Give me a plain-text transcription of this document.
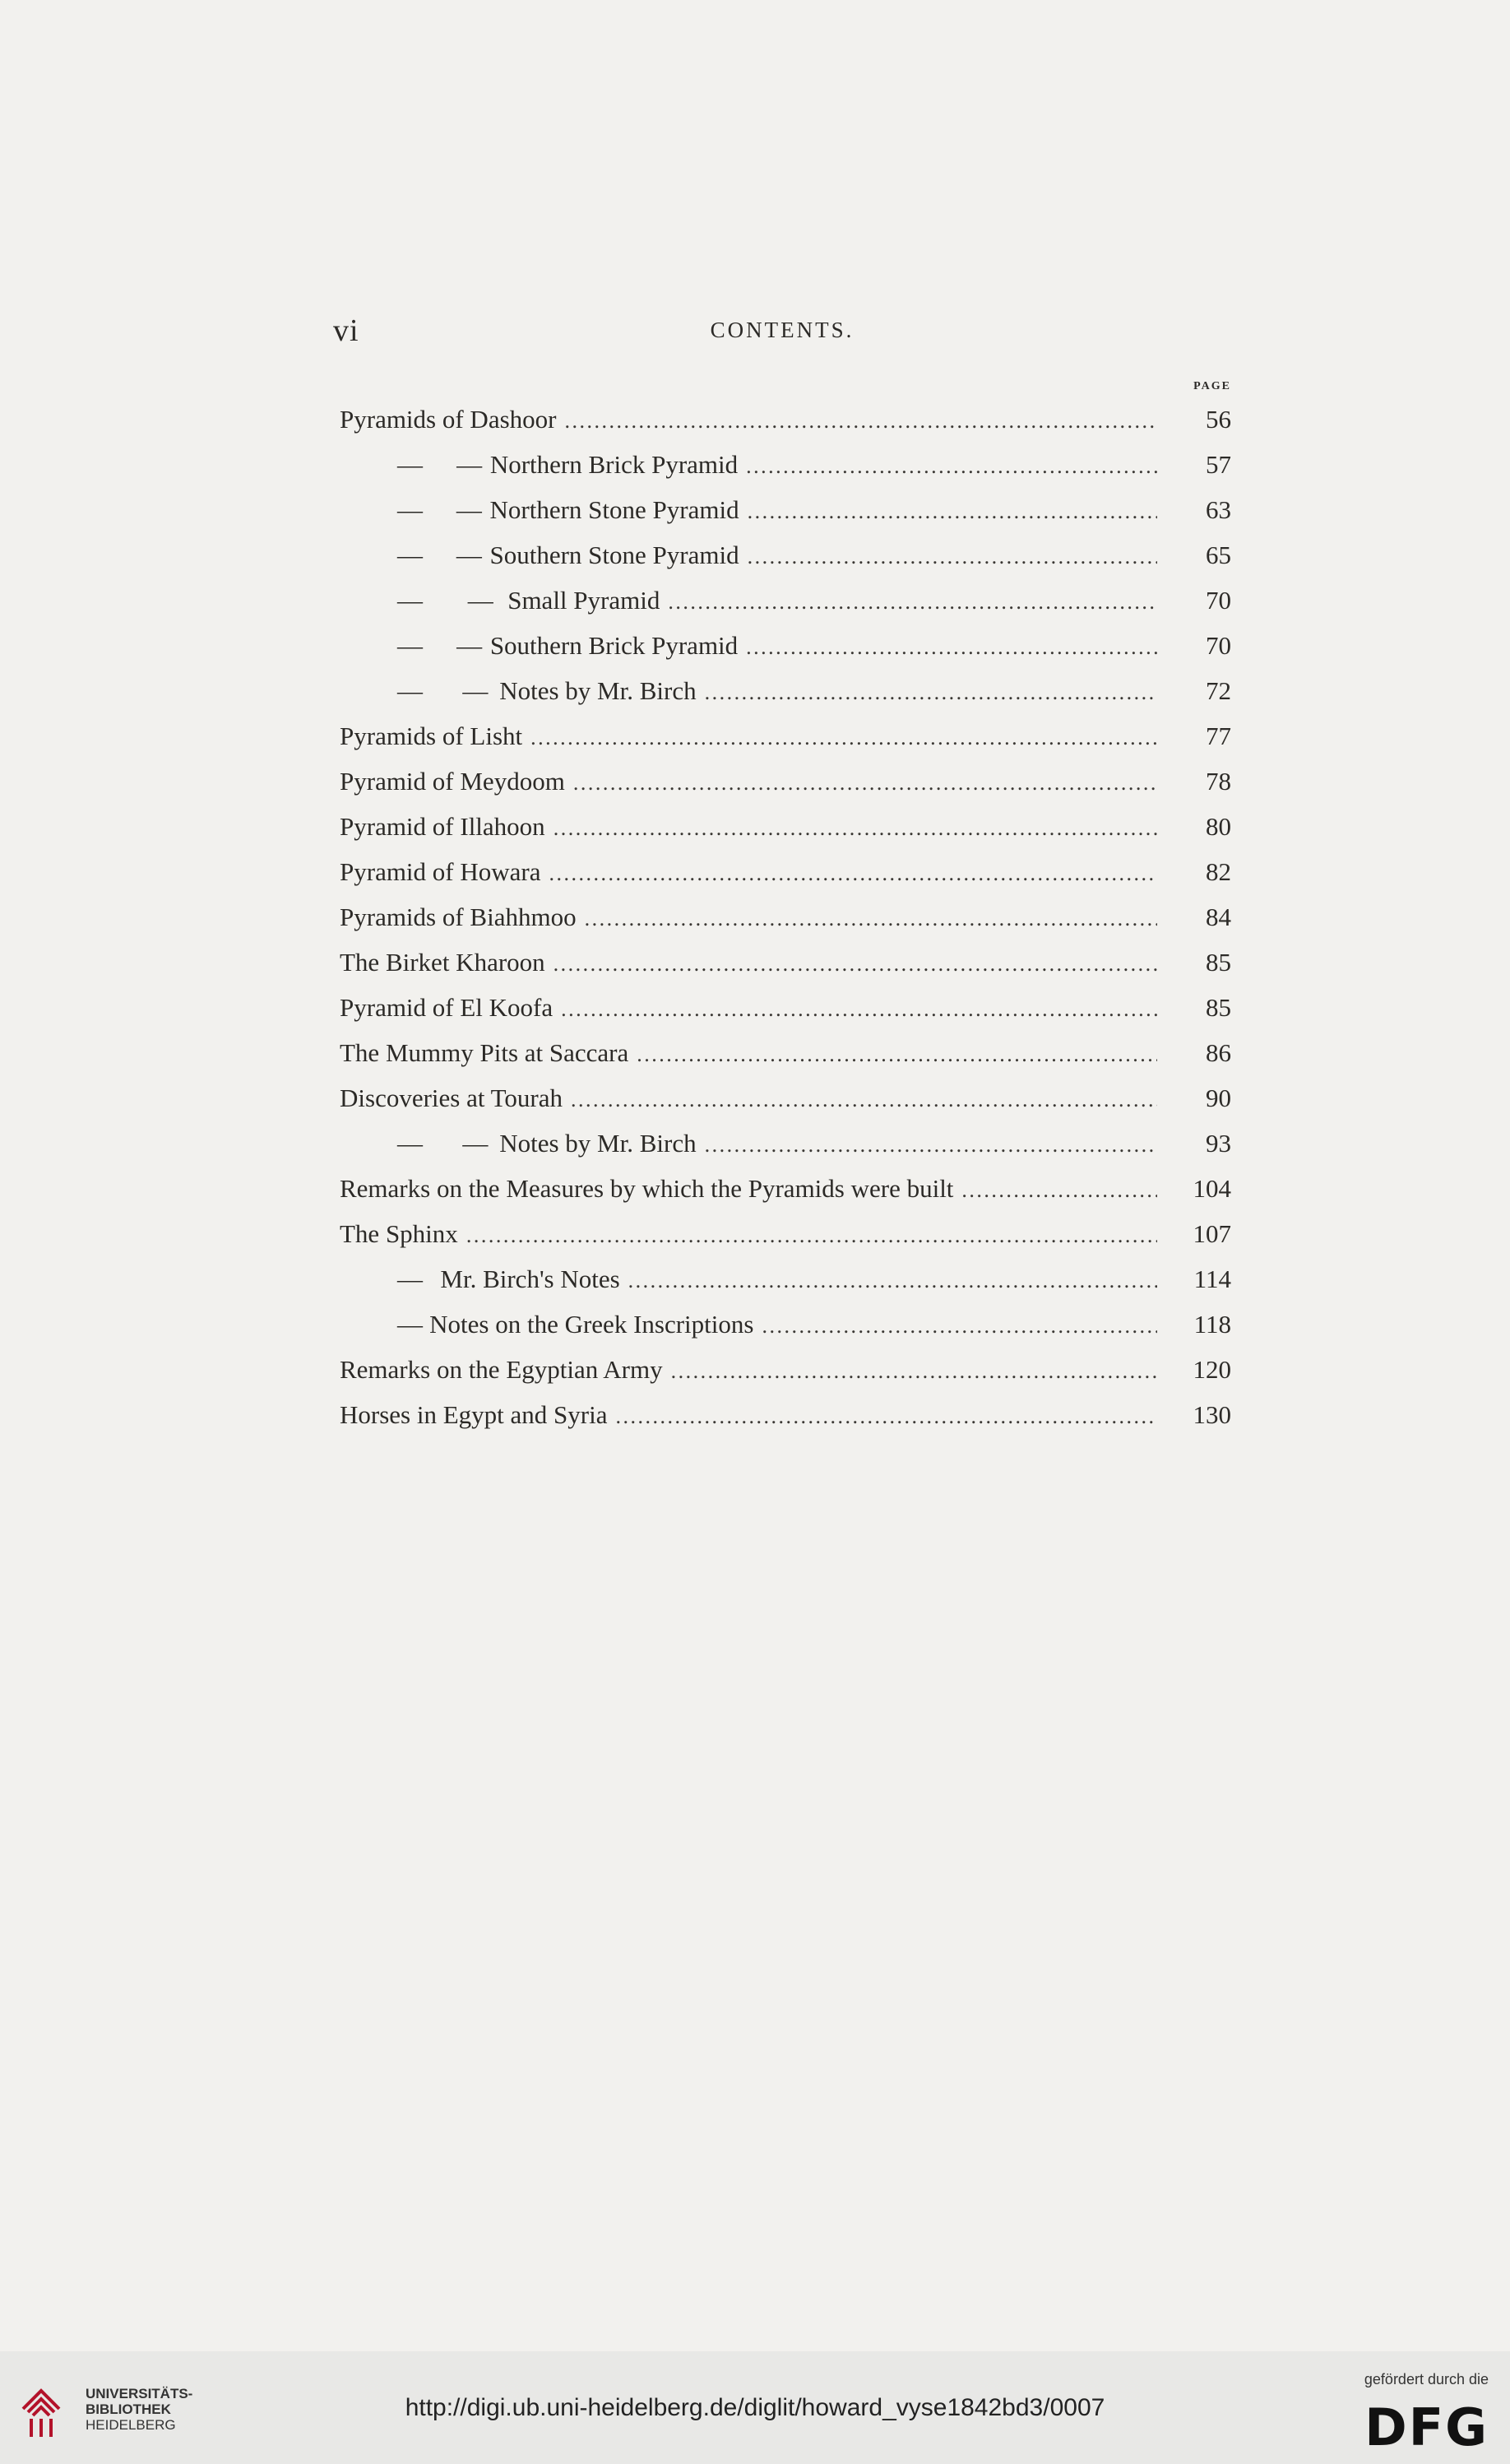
vi	CONTENTS.
PAGE
Pyramids of Dashoor . . .	56
—	— Northern Brick Pyramid . . .	57
—	— Northern Stone Pyramid . . .	63
—	— Southern Stone Pyramid . . .	65
—	— Small Pyramid . . .	70
—	— Southern Brick Pyramid . . .	70
—	— Notes by Mr. Birch . . .	72
Pyramids of Lisht . . .	77
Pyramid of Meydoom . . .	78
Pyramid of Illahoon . . .	80
Pyramid of Howara . . .	82
Pyramids of Biahhmoo . . .	84
The Birket Kharoon . . .	85
Pyramid of El Koofa . . .	85
The Mummy Pits at Saccara . . .	86
Discoveries at Tourah . . .	90
—	— Notes by Mr. Birch . . .	93
Remarks on the Measures by which the Pyramids were built . . .	104
The Sphinx . . .	107
— Mr. Birch's Notes . . .	114
— Notes on the Greek Inscriptions . . .	118
Remarks on the Egyptian Army . . .	120
Horses in Egypt and Syria . . .	130
UNIVERSITÄTS-
BIBLIOTHEK
HEIDELBERG
http://digi.ub.uni-heidelberg.de/diglit/howard_vyse1842bd3/0007
gefördert durch die
DFG
